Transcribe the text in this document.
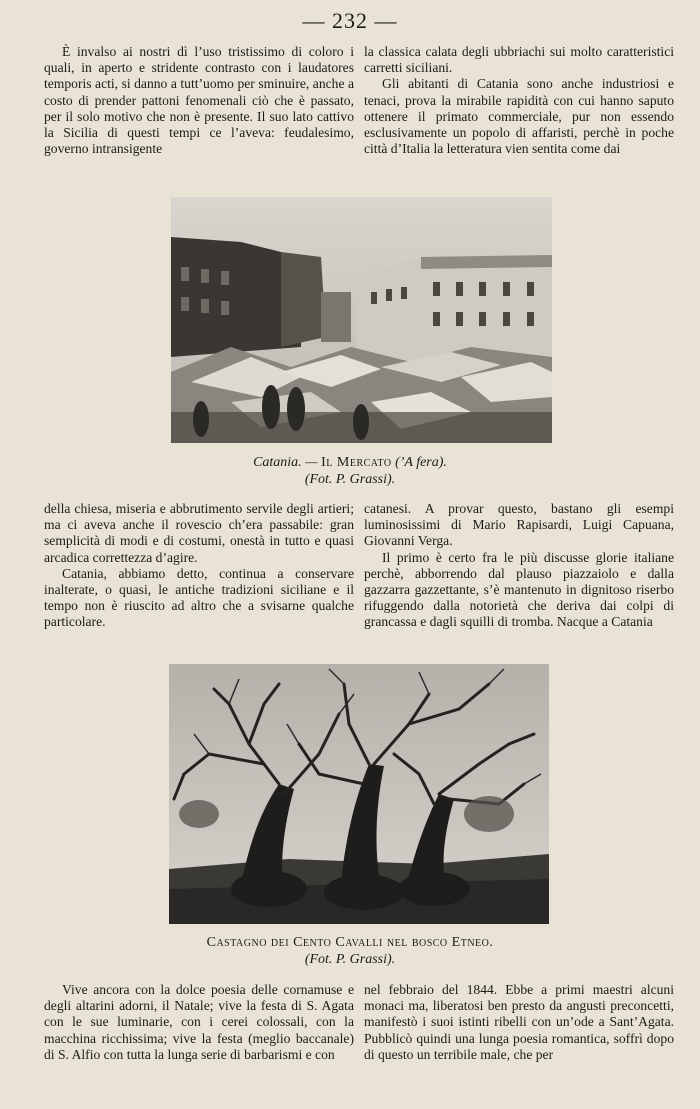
— 232 —

È invalso ai nostri dì l’uso tristissimo di coloro i quali, in aperto e stridente contrasto con i laudatores temporis acti, si danno a tutt’uomo per sminuire, anche a costo di prender pattoni fenomenali ciò che è passato, per il solo motivo che non è presente. Il suo lato cattivo la Sicilia di questi tempi ce l’aveva: feudalesimo, governo intransigente

la classica calata degli ubbriachi sui molto caratteristici carretti siciliani.

Gli abitanti di Catania sono anche industriosi e tenaci, prova la mirabile rapidità con cui hanno saputo ottenere il primato commerciale, pur non essendo esclusivamente un popolo di affaristi, perchè in poche città d’Italia la letteratura vien sentita come dai

Catania. — Il Mercato (’A fera).
(Fot. P. Grassi).

della chiesa, miseria e abbrutimento servile degli artieri; ma ci aveva anche il rovescio ch’era passabile: gran semplicità di modi e di costumi, onestà in tutto e quasi arcadica correttezza d’agire.

Catania, abbiamo detto, continua a conservare inalterate, o quasi, le antiche tradizioni siciliane e il tempo non è riuscito ad altro che a svisarne qualche particolare.

catanesi. A provar questo, bastano gli esempi luminosissimi di Mario Rapisardi, Luigi Capuana, Giovanni Verga.

Il primo è certo fra le più discusse glorie italiane perchè, abborrendo dal plauso piazzaiolo e dalla gazzarra gazzettante, s’è mantenuto in dignitoso riserbo rifuggendo dalla notorietà che deriva dai colpi di grancassa e dagli squilli di tromba. Nacque a Catania

Castagno dei Cento Cavalli nel bosco Etneo.
(Fot. P. Grassi).

Vive ancora con la dolce poesia delle cornamuse e degli altarini adorni, il Natale; vive la festa di S. Agata con le sue luminarie, con i cerei colossali, con la macchina ricchissima; vive la festa (meglio baccanale) di S. Alfio con tutta la lunga serie di barbarismi e con

nel febbraio del 1844. Ebbe a primi maestri alcuni monaci ma, liberatosi ben presto da angusti preconcetti, manifestò i suoi istinti ribelli con un’ode a Sant’Agata. Pubblicò quindi una lunga poesia romantica, soffrì dopo di questo un terribile male, che per
